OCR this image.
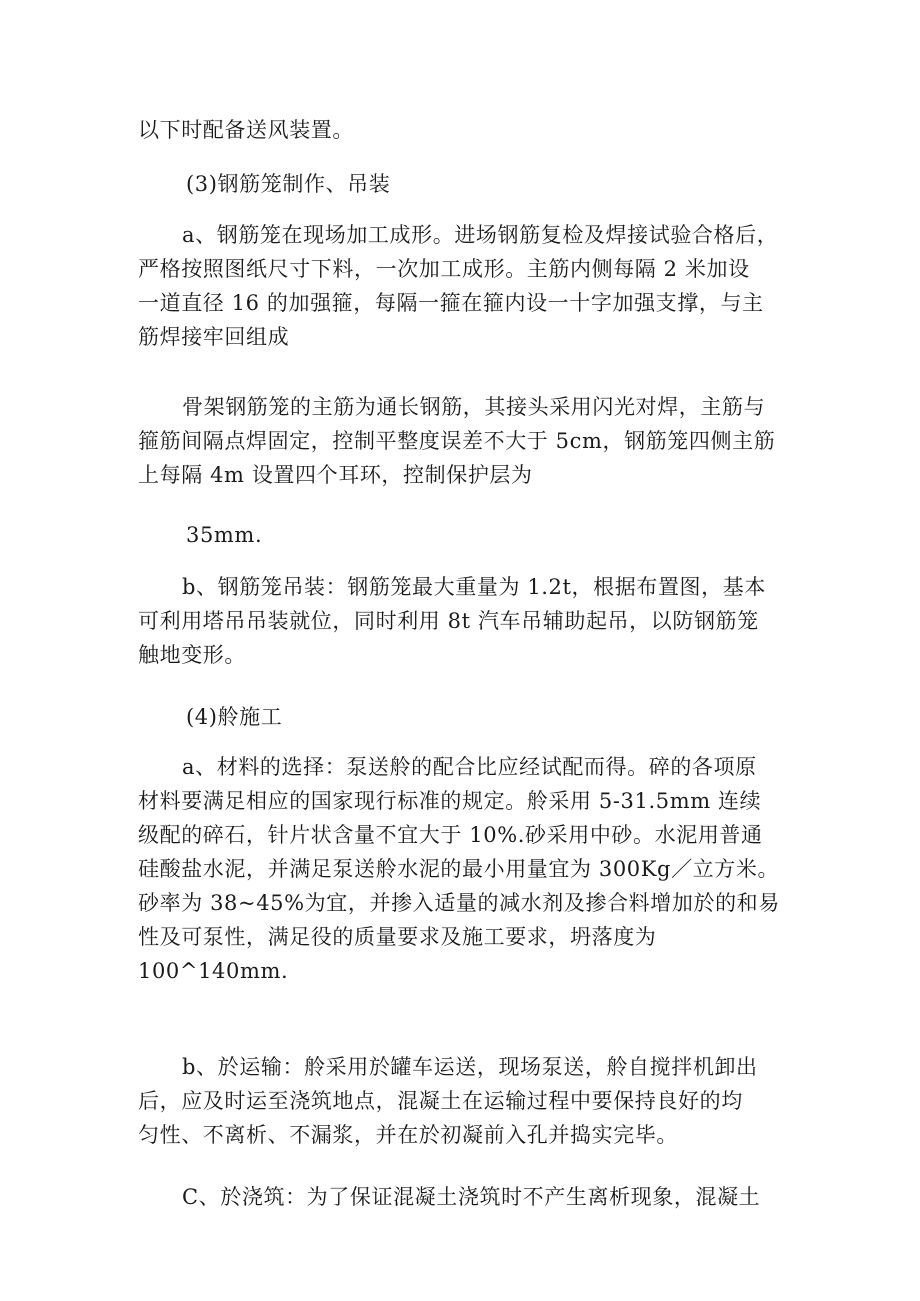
以下时配备送风装置。

(3)钢筋笼制作、吊装

a、钢筋笼在现场加工成形。进场钢筋复检及焊接试验合格后，
严格按照图纸尺寸下料，一次加工成形。主筋内侧每隔 2 米加设
一道直径 16 的加强箍，每隔一箍在箍内设一十字加强支撑，与主
筋焊接牢回组成

骨架钢筋笼的主筋为通长钢筋，其接头采用闪光对焊，主筋与
箍筋间隔点焊固定，控制平整度误差不大于 5cm，钢筋笼四侧主筋
上每隔 4m 设置四个耳环，控制保护层为

35mm.

b、钢筋笼吊装：钢筋笼最大重量为 1.2t，根据布置图，基本
可利用塔吊吊装就位，同时利用 8t 汽车吊辅助起吊，以防钢筋笼
触地变形。

(4)舲施工

a、材料的选择：泵送舲的配合比应经试配而得。碎的各项原
材料要满足相应的国家现行标准的规定。舲采用 5-31.5mm 连续
级配的碎石，针片状含量不宜大于 10%.砂采用中砂。水泥用普通
硅酸盐水泥，并满足泵送舲水泥的最小用量宜为 300Kg／立方米。
砂率为 38~45%为宜，并掺入适量的减水剂及掺合料增加於的和易
性及可泵性，满足役的质量要求及施工要求，坍落度为
100^140mm.

b、於运输：舲采用於罐车运送，现场泵送，舲自搅拌机卸出
后，应及时运至浇筑地点，混凝土在运输过程中要保持良好的均
匀性、不离析、不漏浆，并在於初凝前入孔并捣实完毕。

C、於浇筑：为了保证混凝土浇筑时不产生离析现象，混凝土
